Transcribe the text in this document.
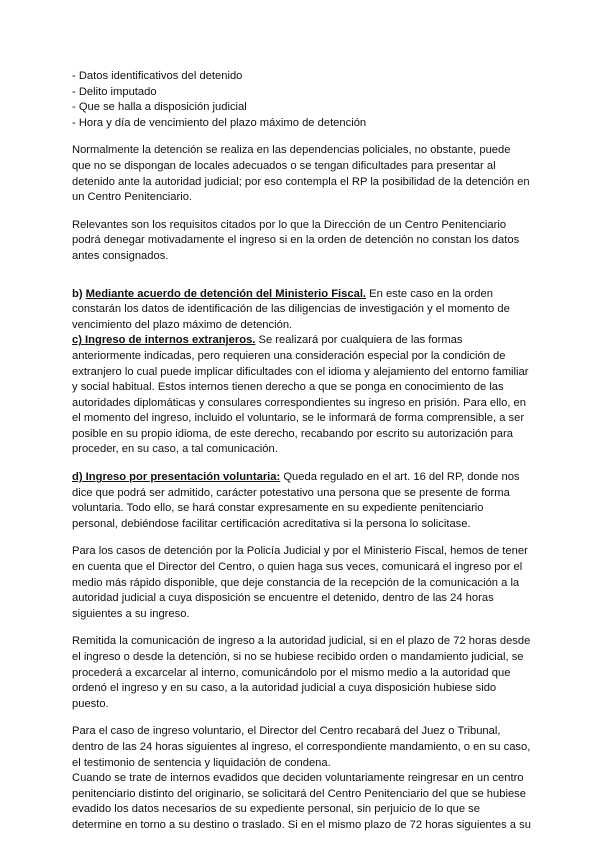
- Datos identificativos del detenido
- Delito imputado
- Que se halla a disposición judicial
- Hora y día de vencimiento del plazo máximo de detención

Normalmente la detención se realiza en las dependencias policiales, no obstante, puede que no se dispongan de locales adecuados o se tengan dificultades para presentar al detenido ante la autoridad judicial; por eso contempla el RP la posibilidad de la detención en un Centro Penitenciario.

Relevantes son los requisitos citados por lo que la Dirección de un Centro Penitenciario podrá denegar motivadamente el ingreso si en la orden de detención no constan los datos antes consignados.

b) Mediante acuerdo de detención del Ministerio Fiscal. En este caso en la orden constarán los datos de identificación de las diligencias de investigación y el momento de vencimiento del plazo máximo de detención.

c) Ingreso de internos extranjeros. Se realizará por cualquiera de las formas anteriormente indicadas, pero requieren una consideración especial por la condición de extranjero lo cual puede implicar dificultades con el idioma y alejamiento del entorno familiar y social habitual. Estos internos tienen derecho a que se ponga en conocimiento de las autoridades diplomáticas y consulares correspondientes su ingreso en prisión. Para ello, en el momento del ingreso, incluido el voluntario, se le informará de forma comprensible, a ser posible en su propio idioma, de este derecho, recabando por escrito su autorización para proceder, en su caso, a tal comunicación.

d) Ingreso por presentación voluntaria: Queda regulado en el art. 16 del RP, donde nos dice que podrá ser admitido, carácter potestativo una persona que se presente de forma voluntaria. Todo ello, se hará constar expresamente en su expediente penitenciario personal, debiéndose facilitar certificación acreditativa si la persona lo solicitase.

Para los casos de detención por la Policía Judicial y por el Ministerio Fiscal, hemos de tener en cuenta que el Director del Centro, o quien haga sus veces, comunicará el ingreso por el medio más rápido disponible, que deje constancia de la recepción de la comunicación a la autoridad judicial a cuya disposición se encuentre el detenido, dentro de las 24 horas siguientes a su ingreso.

Remitida la comunicación de ingreso a la autoridad judicial, si en el plazo de 72 horas desde el ingreso o desde la detención, si no se hubiese recibido orden o mandamiento judicial, se procederá a excarcelar al interno, comunicándolo por el mismo medio a la autoridad que ordenó el ingreso y en su caso, a la autoridad judicial a cuya disposición hubiese sido puesto.

Para el caso de ingreso voluntario, el Director del Centro recabará del Juez o Tribunal, dentro de las 24 horas siguientes al ingreso, el correspondiente mandamiento, o en su caso, el testimonio de sentencia y liquidación de condena.

Cuando se trate de internos evadidos que deciden voluntariamente reingresar en un centro penitenciario distinto del originario, se solicitará del Centro Penitenciario del que se hubiese evadido los datos necesarios de su expediente personal, sin perjuicio de lo que se determine en torno a su destino o traslado. Si en el mismo plazo de 72 horas siguientes a su
